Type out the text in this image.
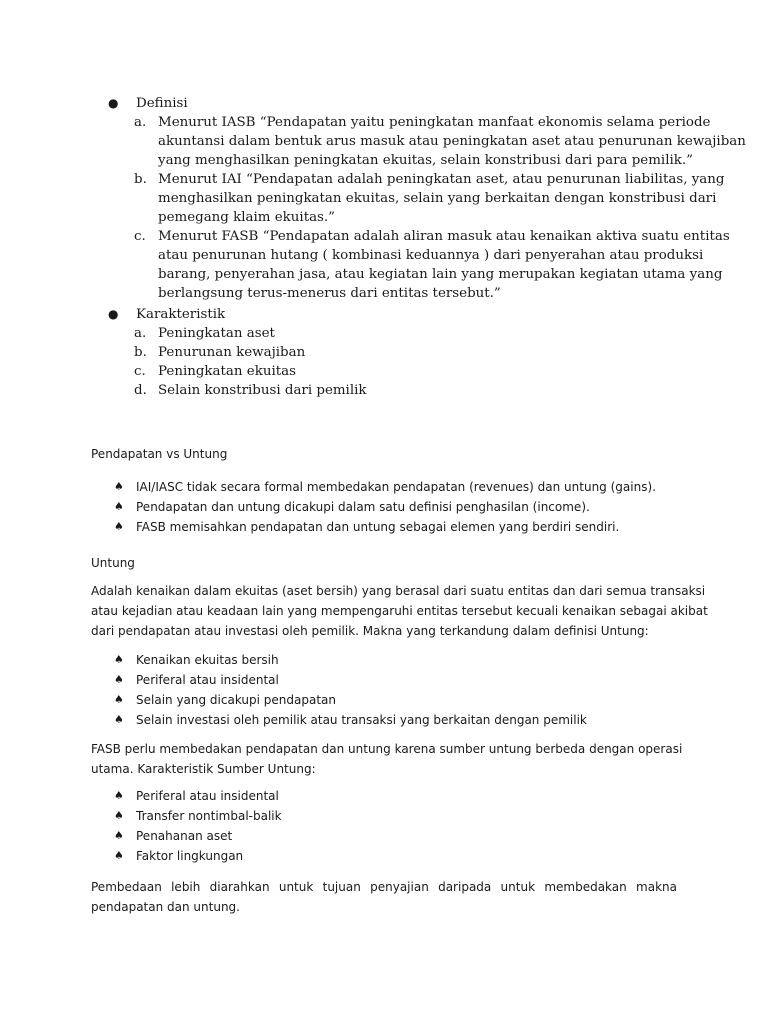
● Definisi
a. Menurut IASB “Pendapatan yaitu peningkatan manfaat ekonomis selama periode
akuntansi dalam bentuk arus masuk atau peningkatan aset atau penurunan kewajiban
yang menghasilkan peningkatan ekuitas, selain konstribusi dari para pemilik.”
b. Menurut IAI “Pendapatan adalah peningkatan aset, atau penurunan liabilitas, yang
menghasilkan peningkatan ekuitas, selain yang berkaitan dengan konstribusi dari
pemegang klaim ekuitas.”
c. Menurut FASB “Pendapatan adalah aliran masuk atau kenaikan aktiva suatu entitas
atau penurunan hutang ( kombinasi keduannya ) dari penyerahan atau produksi
barang, penyerahan jasa, atau kegiatan lain yang merupakan kegiatan utama yang
berlangsung terus-menerus dari entitas tersebut.”
● Karakteristik
a. Peningkatan aset
b. Penurunan kewajiban
c. Peningkatan ekuitas
d. Selain konstribusi dari pemilik
Pendapatan vs Untung
♠ IAI/IASC tidak secara formal membedakan pendapatan (revenues) dan untung (gains).
♠ Pendapatan dan untung dicakupi dalam satu definisi penghasilan (income).
♠ FASB memisahkan pendapatan dan untung sebagai elemen yang berdiri sendiri.
Untung
Adalah kenaikan dalam ekuitas (aset bersih) yang berasal dari suatu entitas dan dari semua transaksi
atau kejadian atau keadaan lain yang mempengaruhi entitas tersebut kecuali kenaikan sebagai akibat
dari pendapatan atau investasi oleh pemilik. Makna yang terkandung dalam definisi Untung:
♠ Kenaikan ekuitas bersih
♠ Periferal atau insidental
♠ Selain yang dicakupi pendapatan
♠ Selain investasi oleh pemilik atau transaksi yang berkaitan dengan pemilik
FASB perlu membedakan pendapatan dan untung karena sumber untung berbeda dengan operasi
utama. Karakteristik Sumber Untung:
♠ Periferal atau insidental
♠ Transfer nontimbal-balik
♠ Penahanan aset
♠ Faktor lingkungan
Pembedaan lebih diarahkan untuk tujuan penyajian daripada untuk membedakan makna
pendapatan dan untung.
